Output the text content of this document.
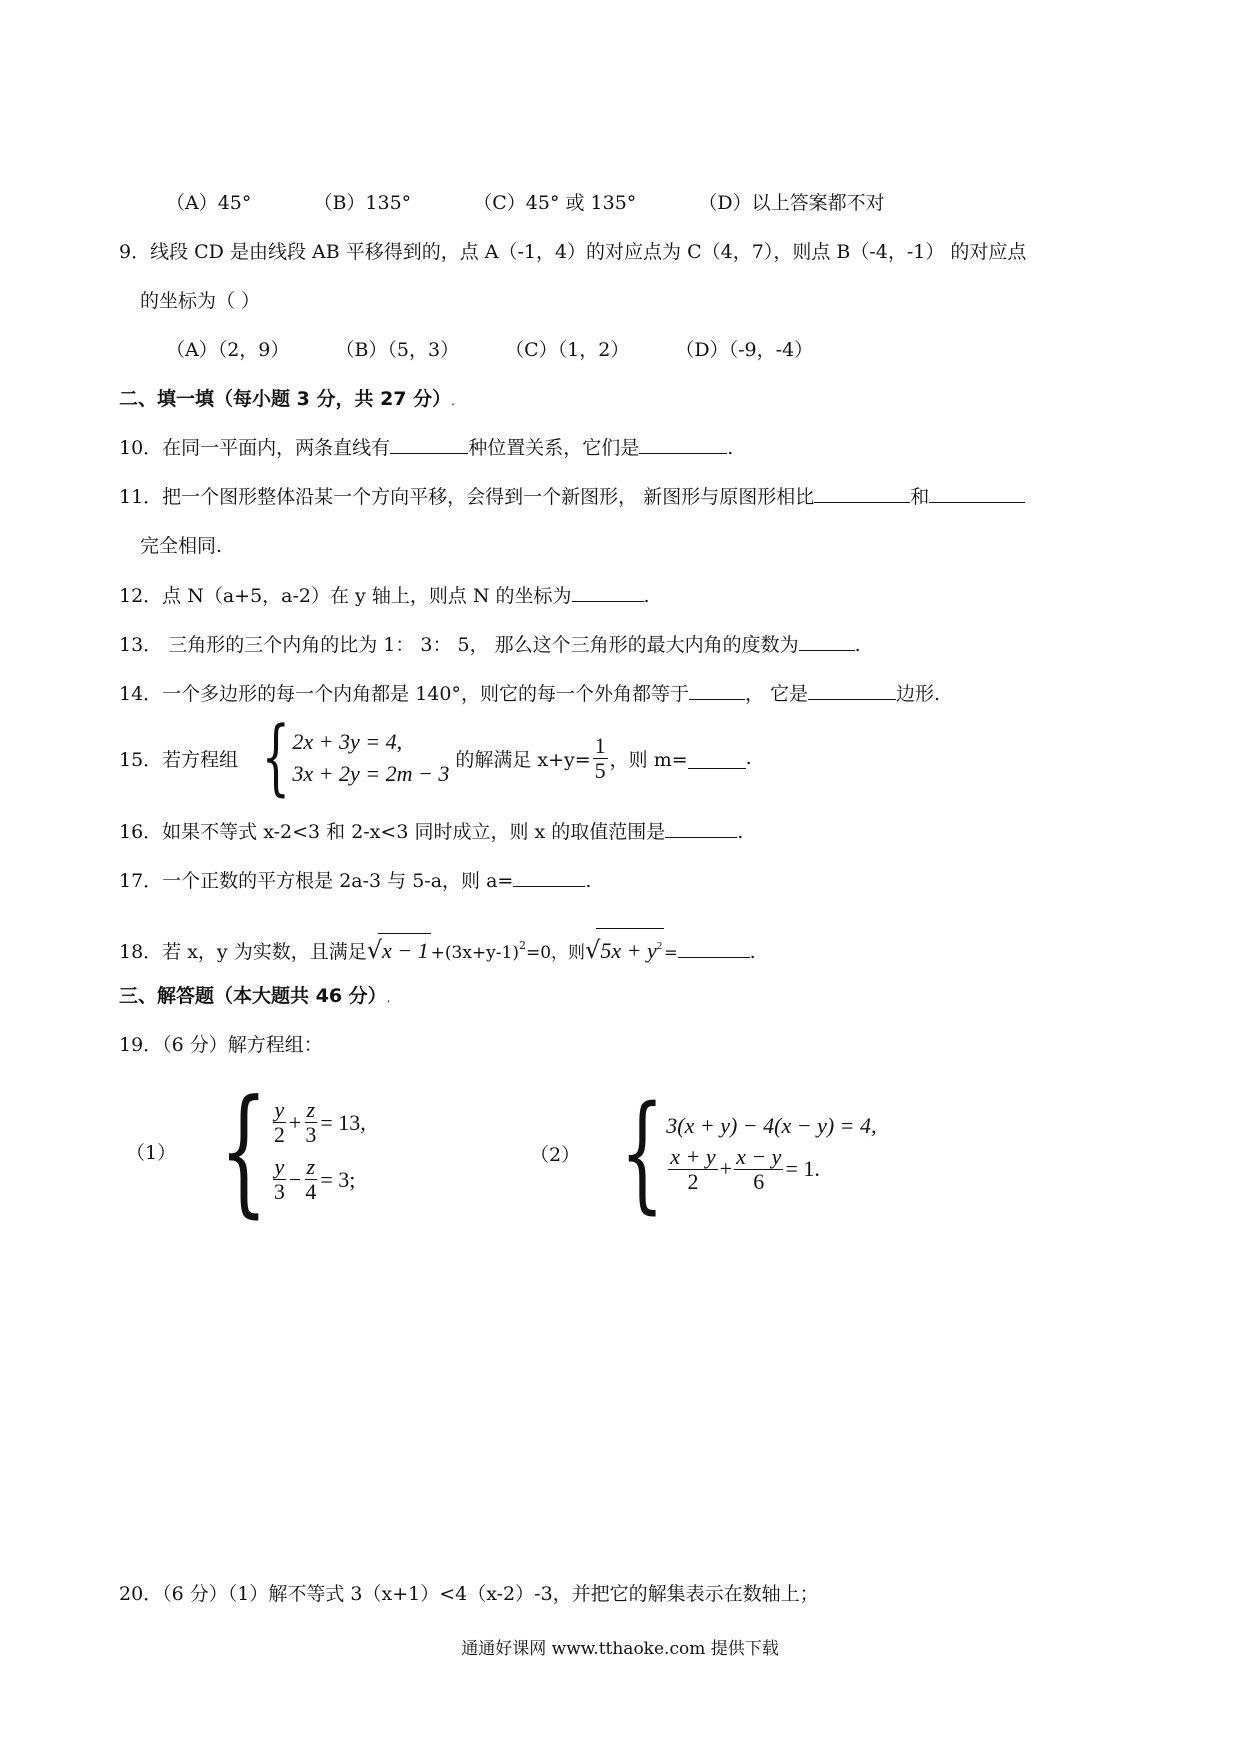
（A）45°	（B）135°	（C）45° 或 135°	（D）以上答案都不对
9．线段 CD 是由线段 AB 平移得到的，点 A（-1，4）的对应点为 C（4，7），则点 B（-4，-1） 的对应点
的坐标为（ ）
（A）（2，9） （B）（5，3） （C）（1，2） （D）（-9，-4）
二、填一填（每小题 3 分，共 27 分）.
10．在同一平面内，两条直线有	种位置关系，它们是	.
11．把一个图形整体沿某一个方向平移，会得到一个新图形， 新图形与原图形相比	和
完全相同.
12．点 N（a+5，a-2）在 y 轴上，则点 N 的坐标为	.
13． 三角形的三个内角的比为 1： 3： 5， 那么这个三角形的最大内角的度数为	.
14．一个多边形的每一个内角都是 140°，则它的每一个外角都等于	， 它是	边形.
15．若方程组 { 2x + 3y = 4,
3x + 2y = 2m − 3
的解满足 $x+y= \frac{1}{5}$ ，则 m=	.
16．如果不等式 x-2<3 和 2-x<3 同时成立，则 x 的取值范围是	.
17．一个正数的平方根是 2a-3 与 5-a，则 a=	.
18．若 x，y 为实数，且满足$√x - 1 +(3x+y-1)^2=0$，则$√5x + y^2$ =	.
三、解答题（本大题共 46 分）.
19．（6 分）解方程组：
（1） { $\frac{y}{2} + \frac{z}{3} = 13$,
$\frac{y}{3} - \frac{z}{4} = 3$;
（2） { 3(x + y) − 4(x − y) = 4,
$\frac{x + y}{2} + \frac{x - y}{6} = 1$.
20．（6 分）（1）解不等式 3（x+1）<4（x-2）-3，并把它的解集表示在数轴上；
通通好课网 www.tthaoke.com 提供下载
